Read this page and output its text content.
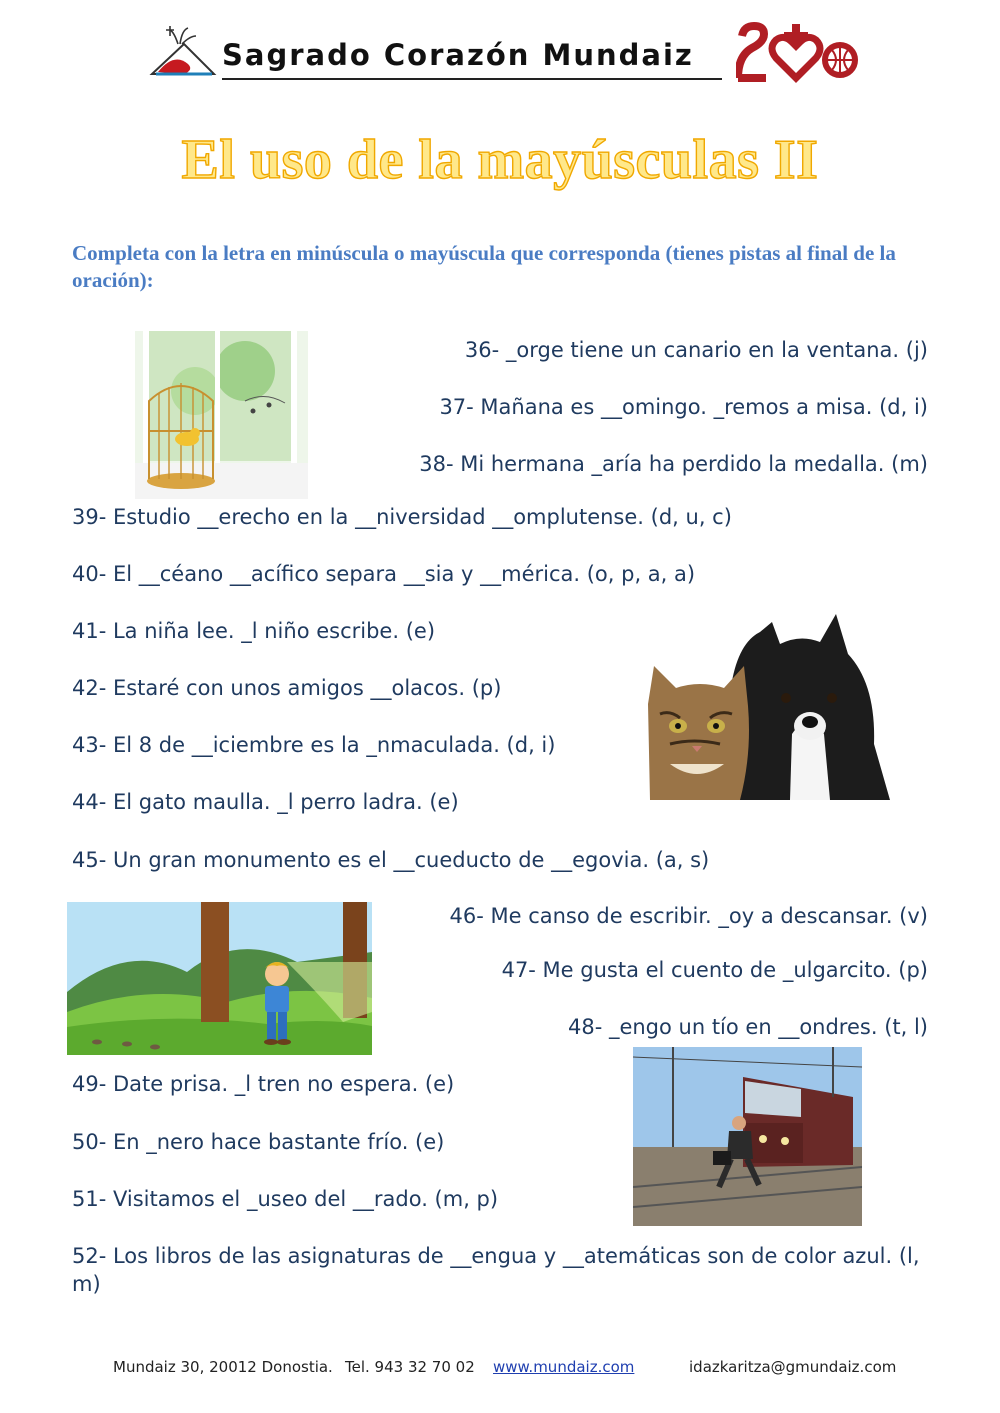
Sagrado Corazón Mundaiz
El uso de la mayúsculas II
Completa con la letra en minúscula o mayúscula que corresponda (tienes pistas al final de la oración):
36- _orge tiene un canario en la ventana. (j)
37- Mañana es __omingo. _remos a misa. (d, i)
38- Mi hermana _aría ha perdido la medalla. (m)
39- Estudio __erecho en la __niversidad __omplutense. (d, u, c)
40- El __céano __acífico separa __sia y __mérica. (o, p, a, a)
41- La niña lee. _l niño escribe. (e)
42- Estaré con unos amigos __olacos. (p)
43- El 8 de __iciembre es la _nmaculada. (d, i)
44- El gato maulla. _l perro ladra. (e)
45- Un gran monumento es el __cueducto de __egovia. (a, s)
46- Me canso de escribir. _oy a descansar. (v)
47- Me gusta el cuento de _ulgarcito. (p)
48- _engo un tío en __ondres. (t, l)
49- Date prisa. _l tren no espera. (e)
50- En _nero hace bastante frío. (e)
51- Visitamos el _useo del __rado. (m, p)
52- Los libros de las asignaturas de __engua y __atemáticas son de color azul. (l, m)
Mundaiz 30, 20012 Donostia. Tel. 943 32 70 02 www.mundaiz.com	idazkaritza@gmundaiz.com
